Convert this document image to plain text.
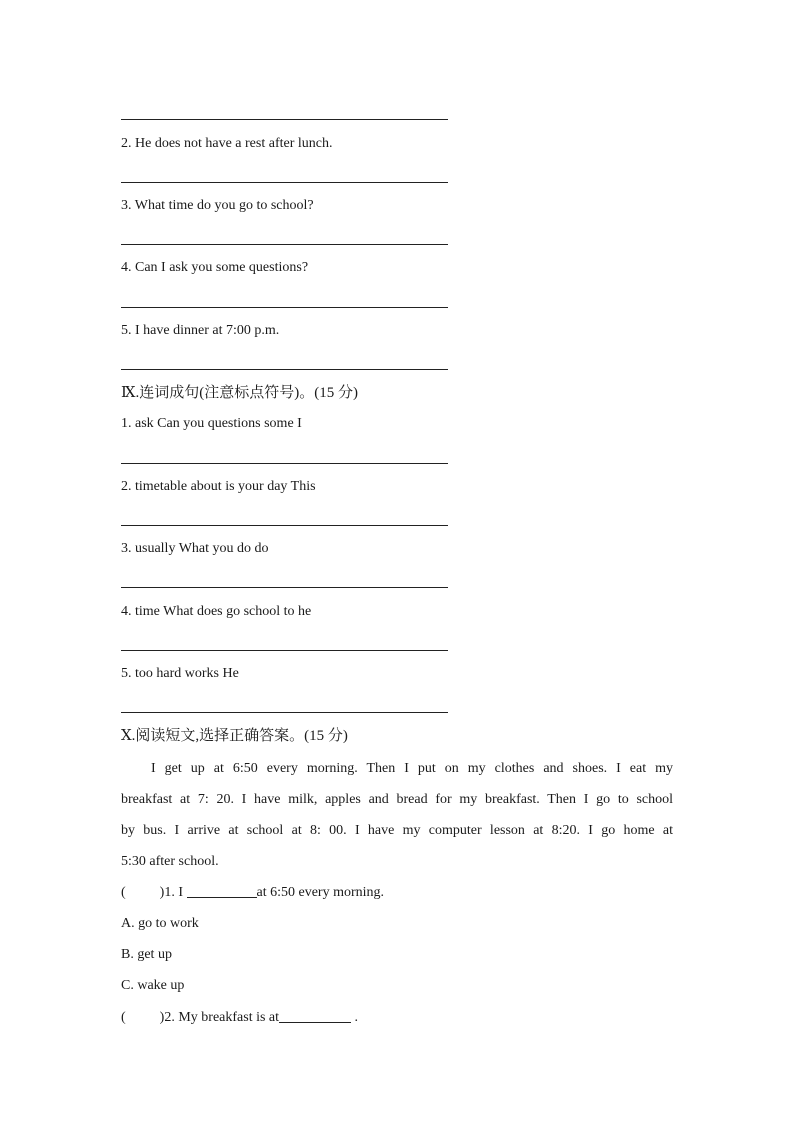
2. He does not have a rest after lunch.
3. What time do you go to school?
4. Can I ask you some questions?
5. I have dinner at 7:00 p.m.
Ⅸ.连词成句(注意标点符号)。(15 分)
1. ask Can you questions some I
2. timetable about is your day This
3. usually What you do do
4. time What does go school to he
5. too hard works He
Ⅹ.阅读短文,选择正确答案。(15 分)

I get up at 6:50 every morning. Then I put on my clothes and shoes. I eat my

breakfast at 7: 20. I have milk, apples and bread for my breakfast. Then I go to school

by bus. I arrive at school at 8: 00. I have my computer lesson at 8:20. I go home at

5:30 after school.

( )1. I	at 6:50 every morning.
A. go to work
B. get up
C. wake up
( )2. My breakfast is at	.
